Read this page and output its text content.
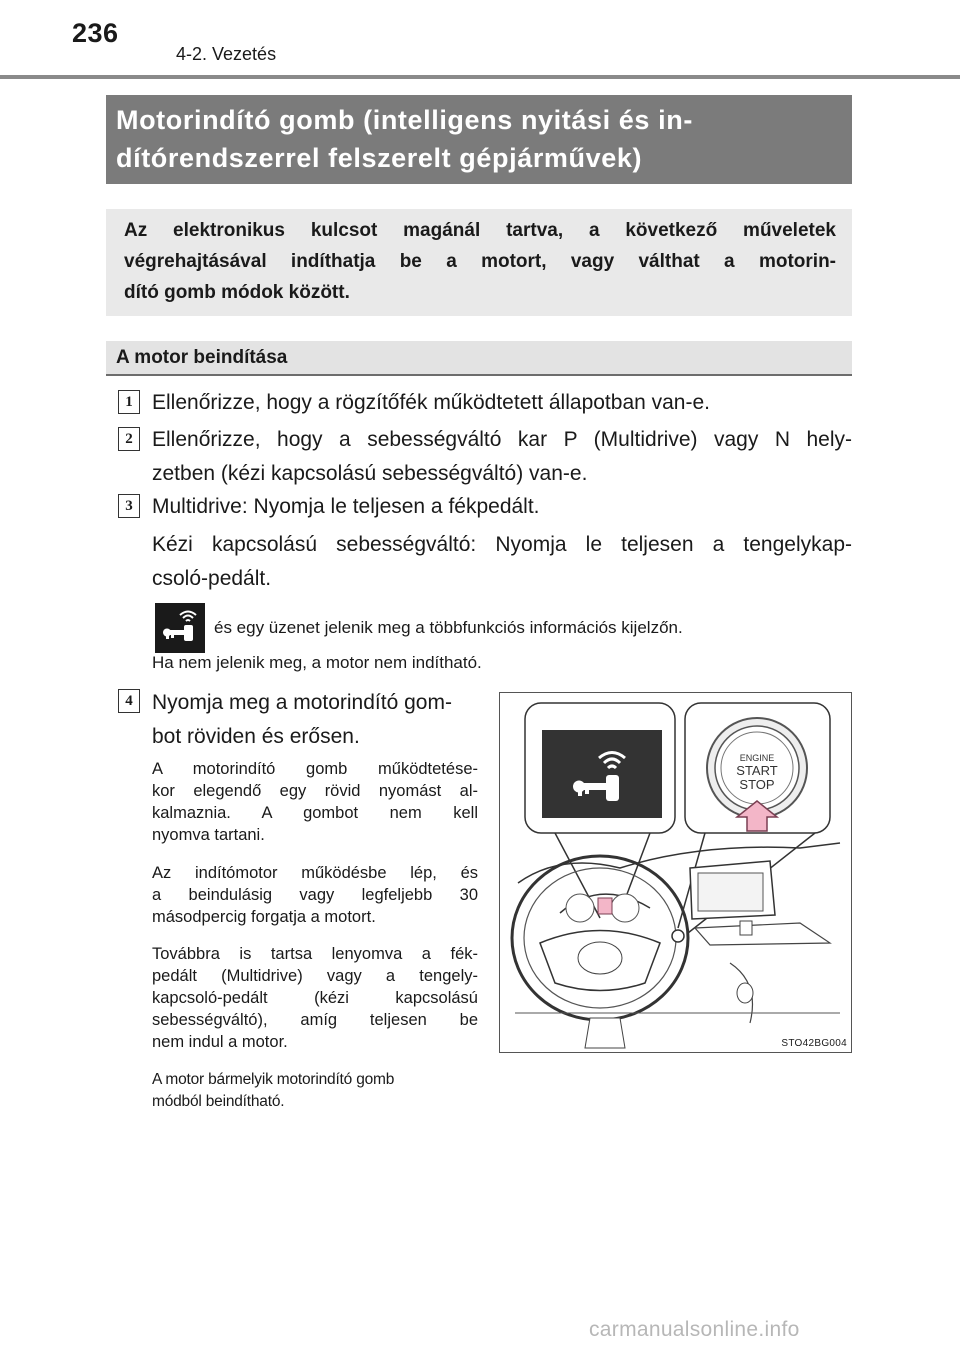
236
4-2. Vezetés
Motorindító gomb (intelligens nyitási és in-
dítórendszerrel felszerelt gépjárművek)
Az elektronikus kulcsot magánál tartva, a következő műveletek
végrehajtásával indíthatja be a motort, vagy válthat a motorin-
dító gomb módok között.
A motor beindítása
1 Ellenőrizze, hogy a rögzítőfék működtetett állapotban van-e.
2 Ellenőrizze, hogy a sebességváltó kar P (Multidrive) vagy N hely-
zetben (kézi kapcsolású sebességváltó) van-e.
3 Multidrive: Nyomja le teljesen a fékpedált.
Kézi kapcsolású sebességváltó: Nyomja le teljesen a tengelykap-
csoló-pedált.
és egy üzenet jelenik meg a többfunkciós információs kijelzőn.
Ha nem jelenik meg, a motor nem indítható.
4 Nyomja meg a motorindító gom-
bot röviden és erősen.
A motorindító gomb működtetése-
kor elegendő egy rövid nyomást al-
kalmaznia. A gombot nem kell
nyomva tartani.
Az indítómotor működésbe lép, és
a beindulásig vagy legfeljebb 30
másodpercig forgatja a motort.
Továbbra is tartsa lenyomva a fék-
pedált (Multidrive) vagy a tengely-
kapcsoló-pedált (kézi kapcsolású
sebességváltó), amíg teljesen be
nem indul a motor.
A motor bármelyik motorindító gomb
módból beindítható.
ENGINE
START
STOP
STO42BG004
carmanualsonline.info
